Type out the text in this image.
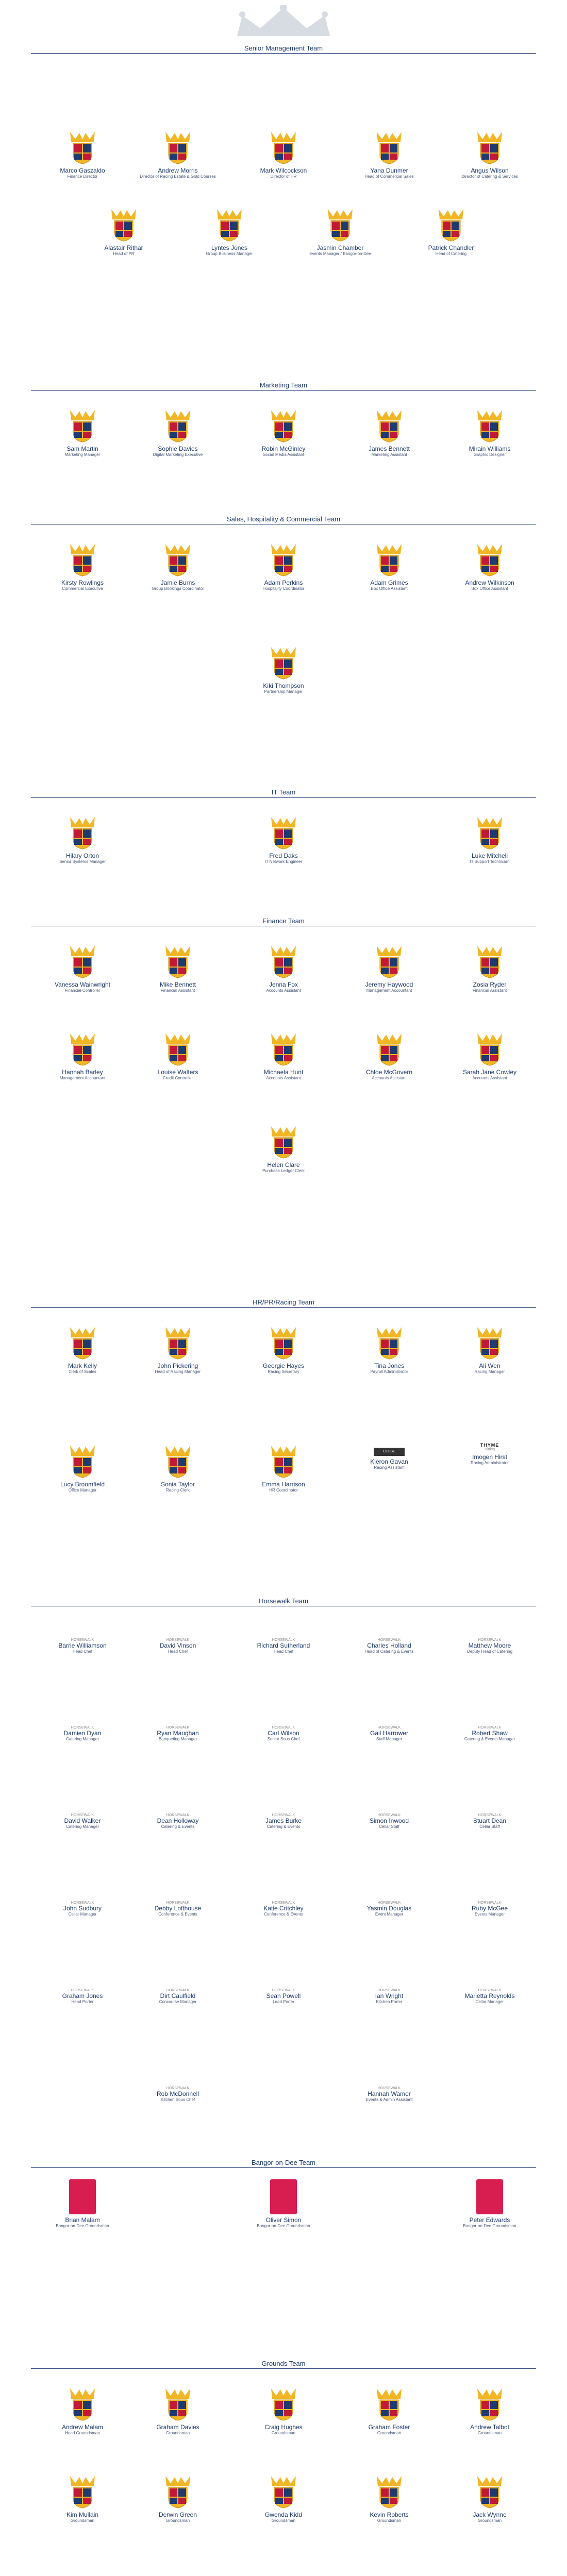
Senior Management Team
Marco Gaszaldo
Finance Director
Andrew Morris
Director of Racing Estate & Gold Courses
Mark Wilcockson
Director of HR
Yana Dunmer
Head of Commercial Sales
Angus Wilson
Director of Catering & Services
Alastair Rithar
Head of PR
Lyntes Jones
Group Business Manager
Jasmin Chamber
Events Manager / Bangor-on-Dee
Patrick Chandler
Head of Catering
Marketing Team
Sam Martin
Marketing Manager
Sophie Davies
Digital Marketing Executive
Robin McGinley
Social Media Assistant
James Bennett
Marketing Assistant
Mirain Williams
Graphic Designer
Sales, Hospitality & Commercial Team
Kirsty Rowlings
Commercial Executive
Jamie Burns
Group Bookings Coordinator
Adam Perkins
Hospitality Coordinator
Adam Grimes
Box Office Assistant
Andrew Wilkinson
Box Office Assistant
Kiki Thompson
Partnership Manager
IT Team
Hilary Orton
Senior Systems Manager
Fred Daks
IT Network Engineer
Luke Mitchell
IT Support Technician
Finance Team
Vanessa Wainwright
Financial Controller
Mike Bennett
Financial Assistant
Jenna Fox
Accounts Assistant
Jeremy Haywood
Management Accountant
Zosia Ryder
Financial Assistant
Hannah Barley
Management Accountant
Louise Walters
Credit Controller
Michaela Hunt
Accounts Assistant
Chloe McGovern
Accounts Assistant
Sarah Jane Cowley
Accounts Assistant
Helen Clare
Purchase Ledger Clerk
HR/PR/Racing Team
Mark Kelly
Clerk of Scales
John Pickering
Head of Racing Manager
Georgie Hayes
Racing Secretary
Tina Jones
Payroll Administrator
Ali Wen
Racing Manager
Lucy Broomfield
Office Manager
Sonia Taylor
Racing Clerk
Emma Harrison
HR Coordinator
CLOSE
Kieron Gavan
Racing Assistant
THYME
Dining
Imogen Hirst
Racing Administrator
Horsewalk Team
HORSEWALK
Barrie Williamson
Head Chef
HORSEWALK
David Vinson
Head Chef
HORSEWALK
Richard Sutherland
Head Chef
HORSEWALK
Charles Holland
Head of Catering & Events
HORSEWALK
Matthew Moore
Deputy Head of Catering
HORSEWALK
Damien Dyan
Catering Manager
HORSEWALK
Ryan Maughan
Banqueting Manager
HORSEWALK
Carl Wilson
Senior Sous Chef
HORSEWALK
Gail Harrower
Staff Manager
HORSEWALK
Robert Shaw
Catering & Events Manager
HORSEWALK
David Walker
Catering Manager
HORSEWALK
Dean Holloway
Catering & Events
HORSEWALK
James Burke
Catering & Events
HORSEWALK
Simon Inwood
Cellar Staff
HORSEWALK
Stuart Dean
Cellar Staff
HORSEWALK
John Sudbury
Cellar Manager
HORSEWALK
Debby Lofthouse
Conference & Events
HORSEWALK
Katie Critchley
Conference & Events
HORSEWALK
Yasmin Douglas
Event Manager
HORSEWALK
Ruby McGee
Events Manager
HORSEWALK
Graham Jones
Head Porter
HORSEWALK
Dirt Caulfield
Concourse Manager
HORSEWALK
Sean Powell
Lead Porter
HORSEWALK
Ian Wright
Kitchen Porter
HORSEWALK
Marietta Reynolds
Cellar Manager
HORSEWALK
Rob McDonnell
Kitchen Sous Chef
HORSEWALK
Hannah Wamer
Events & Admin Assistant
Bangor-on-Dee Team
Brian Malam
Bangor-on-Dee Groundsman
Oliver Simon
Bangor-on-Dee Groundsman
Peter Edwards
Bangor-on-Dee Groundsman
Grounds Team
Andrew Malam
Head Groundsman
Graham Davies
Groundsman
Craig Hughes
Groundsman
Graham Foster
Groundsman
Andrew Talbot
Groundsman
Kim Mullain
Groundsman
Derwin Green
Groundsman
Gwenda Kidd
Groundsman
Kevin Roberts
Groundsman
Jack Wynne
Groundsman
